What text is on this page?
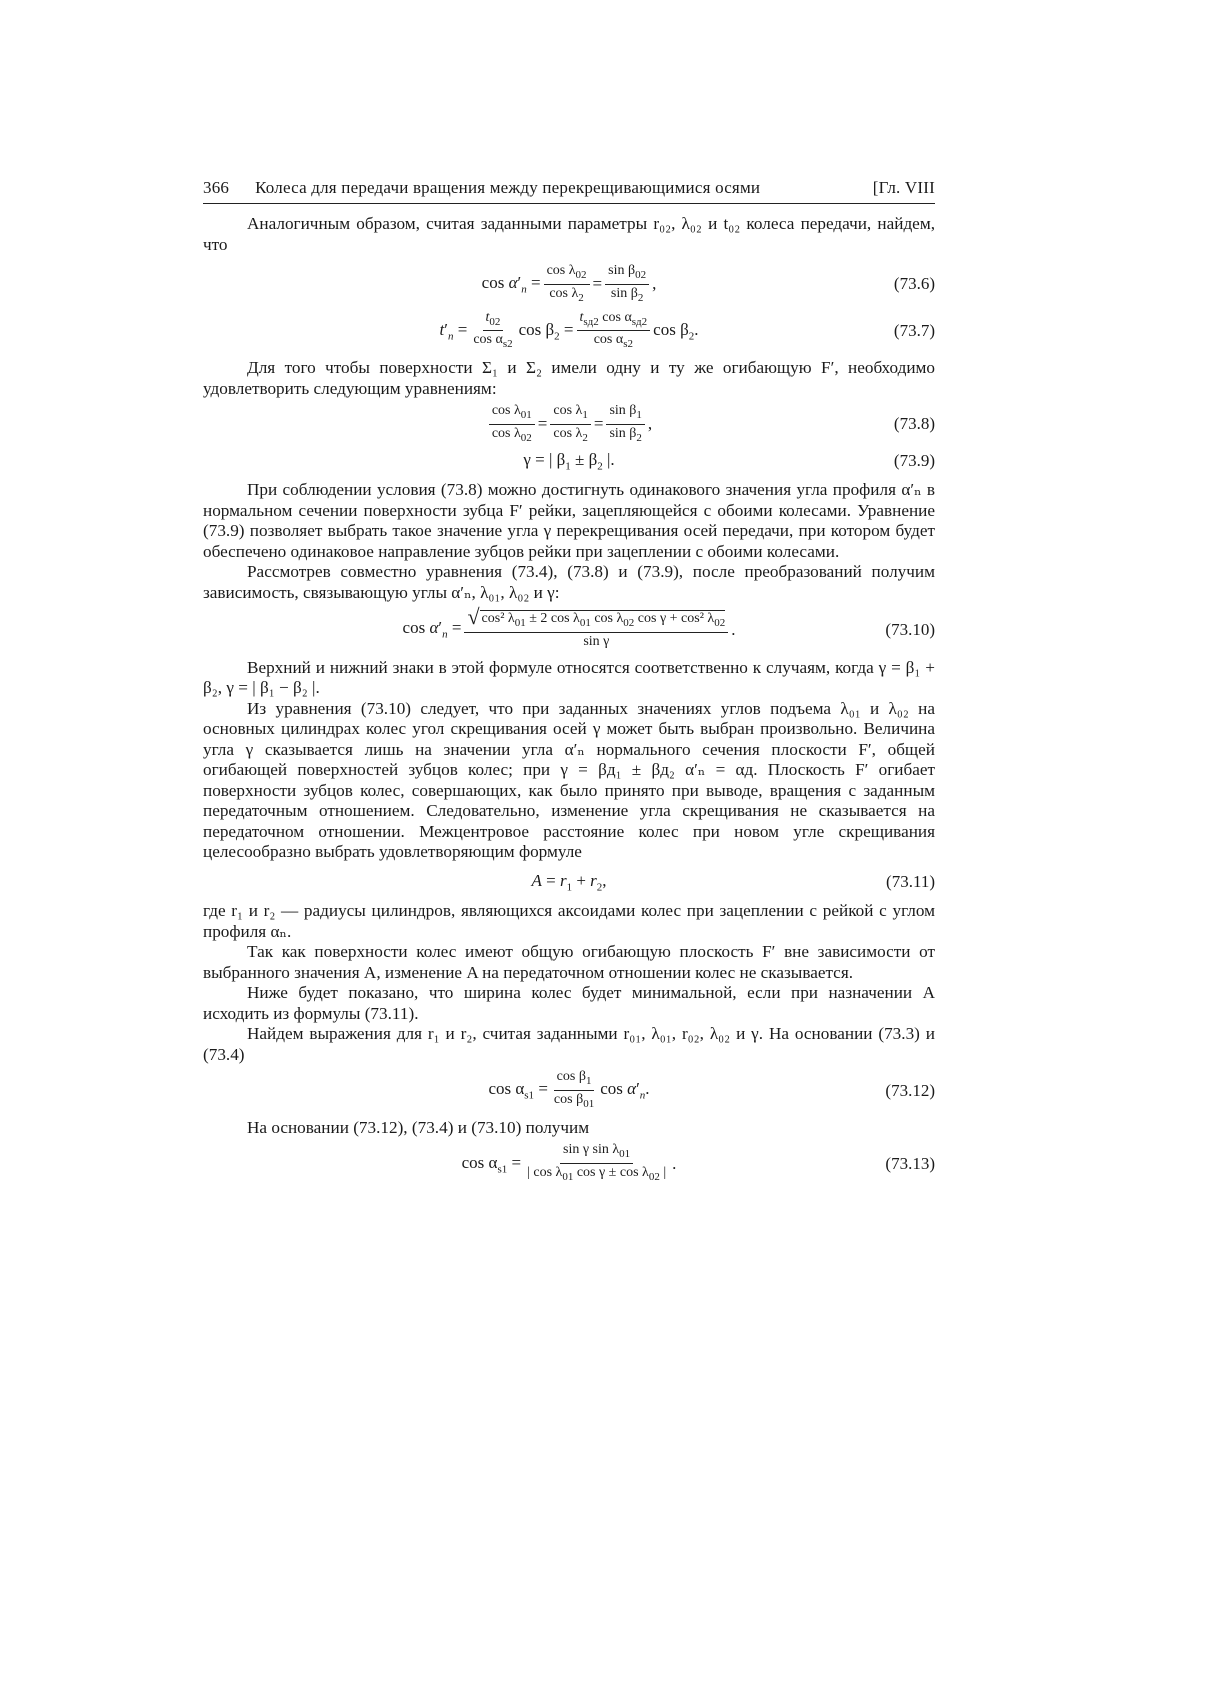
366	Колеса для передачи вращения между перекрещивающимися осями	[Гл. VIII

Аналогичным образом, считая заданными параметры r₀₂, λ₀₂ и t₀₂ колеса передачи, найдем, что

$\cos \alpha'_n = \frac{\cos \lambda_{02}}{\cos \lambda_2} = \frac{\sin \beta_{02}}{\sin \beta_2}$ ,	(73.6)
$t'_n = \frac{t_{02}}{\cos \alpha_{s2}}$ $\cos \beta_2 = \frac{t_{sд2} \cos \alpha_{sд2}}{\cos \alpha_{s2}}$ $\cos \beta_2$.	(73.7)

Для того чтобы поверхности Σ₁ и Σ₂ имели одну и ту же огибающую F′, необходимо удовлетворить следующим уравнениям:

$\frac{\cos \lambda_{01}}{\cos \lambda_{02}} = \frac{\cos \lambda_1}{\cos \lambda_2} = \frac{\sin \beta_1}{\sin \beta_2}$ ,	(73.8)
γ = | $\beta_1 \pm \beta_2$ |.	(73.9)

При соблюдении условия (73.8) можно достигнуть одинакового значения угла профиля α′ₙ в нормальном сечении поверхности зубца F′ рейки, зацепляющейся с обоими колесами. Уравнение (73.9) позволяет выбрать такое значение угла γ перекрещивания осей передачи, при котором будет обеспечено одинаковое направление зубцов рейки при зацеплении с обоими колесами.

Рассмотрев совместно уравнения (73.4), (73.8) и (73.9), после преобразований получим зависимость, связывающую углы α′ₙ, λ₀₁, λ₀₂ и γ:

$\cos \alpha'_n = \frac{√ \cos^2 \lambda_{01} \pm 2 \cos \lambda_{01} \cos \lambda_{02} \cos \gamma + \cos^2 \lambda_{02}}{\text{sin γ}}$ .	(73.10)

Верхний и нижний знаки в этой формуле относятся соответственно к случаям, когда γ = β₁ + β₂, γ = | β₁ − β₂ |.

Из уравнения (73.10) следует, что при заданных значениях углов подъема λ₀₁ и λ₀₂ на основных цилиндрах колес угол скрещивания осей γ может быть выбран произвольно. Величина угла γ сказывается лишь на значении угла α′ₙ нормального сечения плоскости F′, общей огибающей поверхностей зубцов колес; при γ = βд₁ ± βд₂ α′ₙ = αд. Плоскость F′ огибает поверхности зубцов колес, совершающих, как было принято при выводе, вращения с заданным передаточным отношением. Следовательно, изменение угла скрещивания не сказывается на передаточном отношении. Межцентровое расстояние колес при новом угле скрещивания целесообразно выбрать удовлетворяющим формуле

$A = r_1 + r_2$,	(73.11)

где r₁ и r₂ — радиусы цилиндров, являющихся аксоидами колес при зацеплении с рейкой с углом профиля αₙ.

Так как поверхности колес имеют общую огибающую плоскость F′ вне зависимости от выбранного значения A, изменение A на передаточном отношении колес не сказывается.

Ниже будет показано, что ширина колес будет минимальной, если при назначении A исходить из формулы (73.11).

Найдем выражения для r₁ и r₂, считая заданными r₀₁, λ₀₁, r₀₂, λ₀₂ и γ. На основании (73.3) и (73.4)

$\cos \alpha_{s1} = \frac{\cos \beta_1}{\cos \beta_{01}}$ $\cos \alpha'_n$.	(73.12)

На основании (73.12), (73.4) и (73.10) получим

$\cos \alpha_{s1} = \frac{\sin \gamma \sin \lambda_{01}}{| \cos \lambda_{01} \cos \gamma \pm \cos \lambda_{02} |}$ .	(73.13)
